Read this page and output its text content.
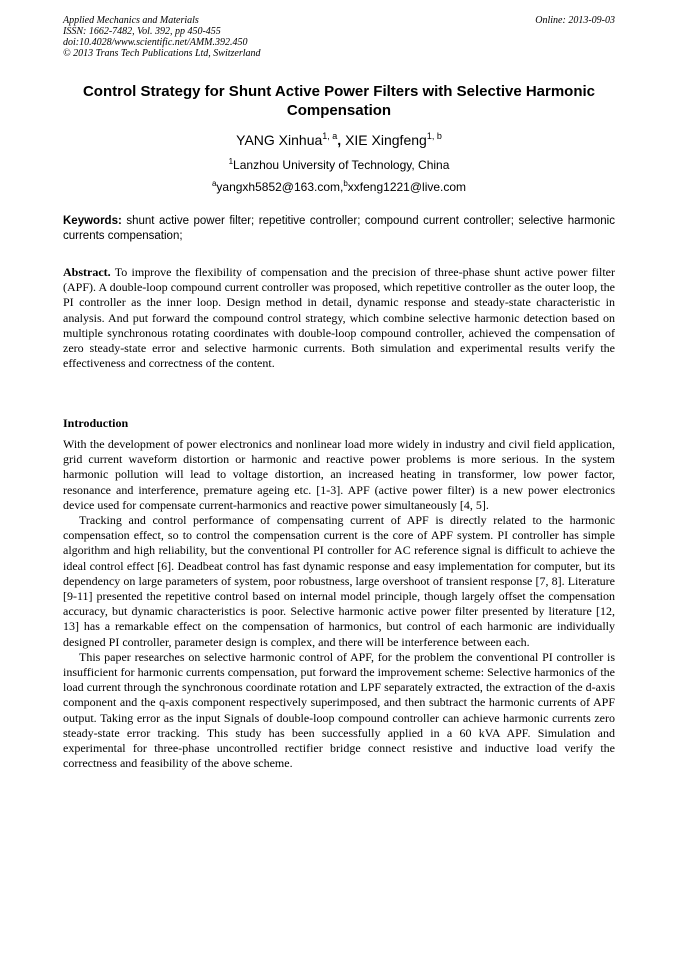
Applied Mechanics and Materials
ISSN: 1662-7482, Vol. 392, pp 450-455
doi:10.4028/www.scientific.net/AMM.392.450
© 2013 Trans Tech Publications Ltd, Switzerland
Online: 2013-09-03
Control Strategy for Shunt Active Power Filters with Selective Harmonic Compensation
YANG Xinhua$^{1, a}$, XIE Xingfeng$^{1, b}$
$^1$Lanzhou University of Technology, China
$^a$yangxh5852@163.com,$^b$xxfeng1221@live.com
Keywords: shunt active power filter; repetitive controller; compound current controller; selective harmonic currents compensation;

Abstract. To improve the flexibility of compensation and the precision of three-phase shunt active power filter (APF). A double-loop compound current controller was proposed, which repetitive controller as the outer loop, the PI controller as the inner loop. Design method in detail, dynamic response and steady-state characteristic in analysis. And put forward the compound control strategy, which combine selective harmonic detection based on multiple synchronous rotating coordinates with double-loop compound controller, achieved the compensation of zero steady-state error and selective harmonic currents. Both simulation and experimental results verify the effectiveness and correctness of the content.

Introduction

With the development of power electronics and nonlinear load more widely in industry and civil field application, grid current waveform distortion or harmonic and reactive power problems is more serious. In the system harmonic pollution will lead to voltage distortion, an increased heating in transformer, low power factor, resonance and interference, premature ageing etc. [1-3]. APF (active power filter) is a new power electronics device used for compensate current-harmonics and reactive power simultaneously [4, 5].

Tracking and control performance of compensating current of APF is directly related to the harmonic compensation effect, so to control the compensation current is the core of APF system. PI controller has simple algorithm and high reliability, but the conventional PI controller for AC reference signal is difficult to achieve the ideal control effect [6]. Deadbeat control has fast dynamic response and easy implementation for computer, but its dependency on large parameters of system, poor robustness, large overshoot of transient response [7, 8]. Literature [9-11] presented the repetitive control based on internal model principle, though largely offset the compensation accuracy, but dynamic characteristics is poor. Selective harmonic active power filter presented by literature [12, 13] has a remarkable effect on the compensation of harmonics, but control of each harmonic are individually designed PI controller, parameter design is complex, and there will be interference between each.

This paper researches on selective harmonic control of APF, for the problem the conventional PI controller is insufficient for harmonic currents compensation, put forward the improvement scheme: Selective harmonics of the load current through the synchronous coordinate rotation and LPF separately extracted, the extraction of the d-axis component and the q-axis component respectively superimposed, and then subtract the harmonic currents of APF output. Taking error as the input Signals of double-loop compound controller can achieve harmonic currents zero steady-state error tracking. This study has been successfully applied in a 60 kVA APF. Simulation and experimental for three-phase uncontrolled rectifier bridge connect resistive and inductive load verify the correctness and feasibility of the above scheme.
